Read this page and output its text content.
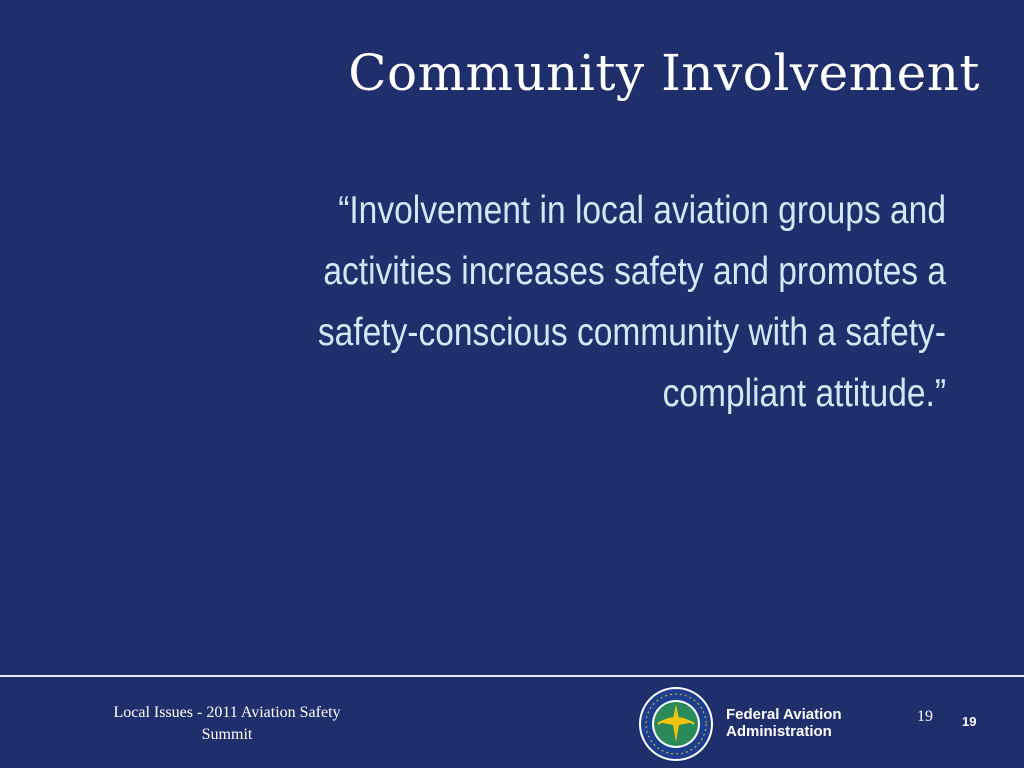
Community Involvement
“Involvement in local aviation groups and
activities increases safety and promotes a
safety-conscious community with a safety-
compliant attitude.”
Local Issues - 2011 Aviation Safety
Summit
Federal Aviation
Administration
19 19
